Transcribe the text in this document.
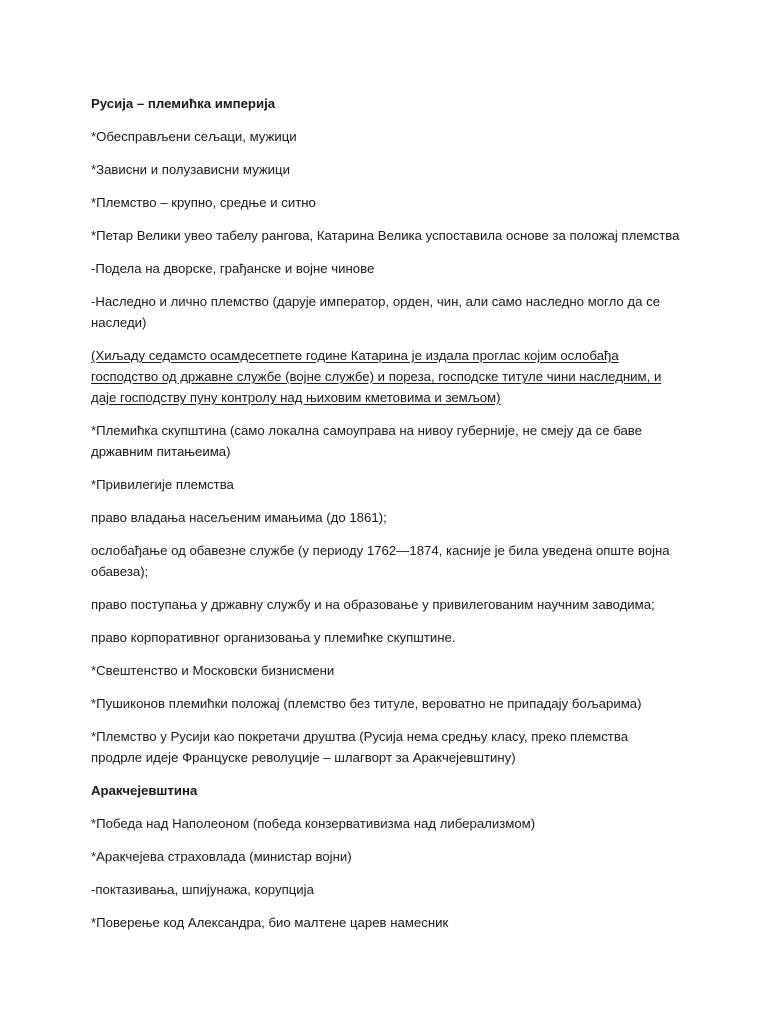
Русија – племићка империја

*Обесправљени сељаци, мужици

*Зависни и полузависни мужици

*Племство – крупно, средње и ситно

*Петар Велики увео табелу рангова, Катарина Велика успоставила основе за положај племства

-Подела на дворске, грађанске и војне чинове

-Наследно и лично племство (дарује император, орден, чин, али само наследно могло да се наследи)

(Хиљаду седамсто осамдесетпете године Катарина је издала проглас којим ослобађа господство од државне службе (војне службе) и пореза, господске титуле чини наследним, и даје господству пуну контролу над њиховим кметовима и земљом)

*Племићка скупштина (само локална самоуправа на нивоу губерније, не смеју да се баве државним питањеима)

*Привилегије племства

право владања насељеним имањима (до 1861);

ослобађање од обавезне службе (у периоду 1762—1874, касније је била уведена опште војна обавеза);

право поступања у државну службу и на образовање у привилегованим научним заводима;

право корпоративног организовања у племићке скупштине.

*Свештенство и Московски бизнисмени

*Пушиконов племићки положај (племство без титуле, вероватно не припадају бољарима)

*Племство у Русији као покретачи друштва (Русија нема средњу класу, преко племства продрле идеје Француске револуције – шлагворт за Аракчејевштину)

Аракчејевштина

*Победа над Наполеоном (победа конзервативизма над либерализмом)

*Аракчејева страховлада (министар војни)

-поктазивања, шпијунажа, корупција

*Поверење код Александра, био малтене царев намесник
